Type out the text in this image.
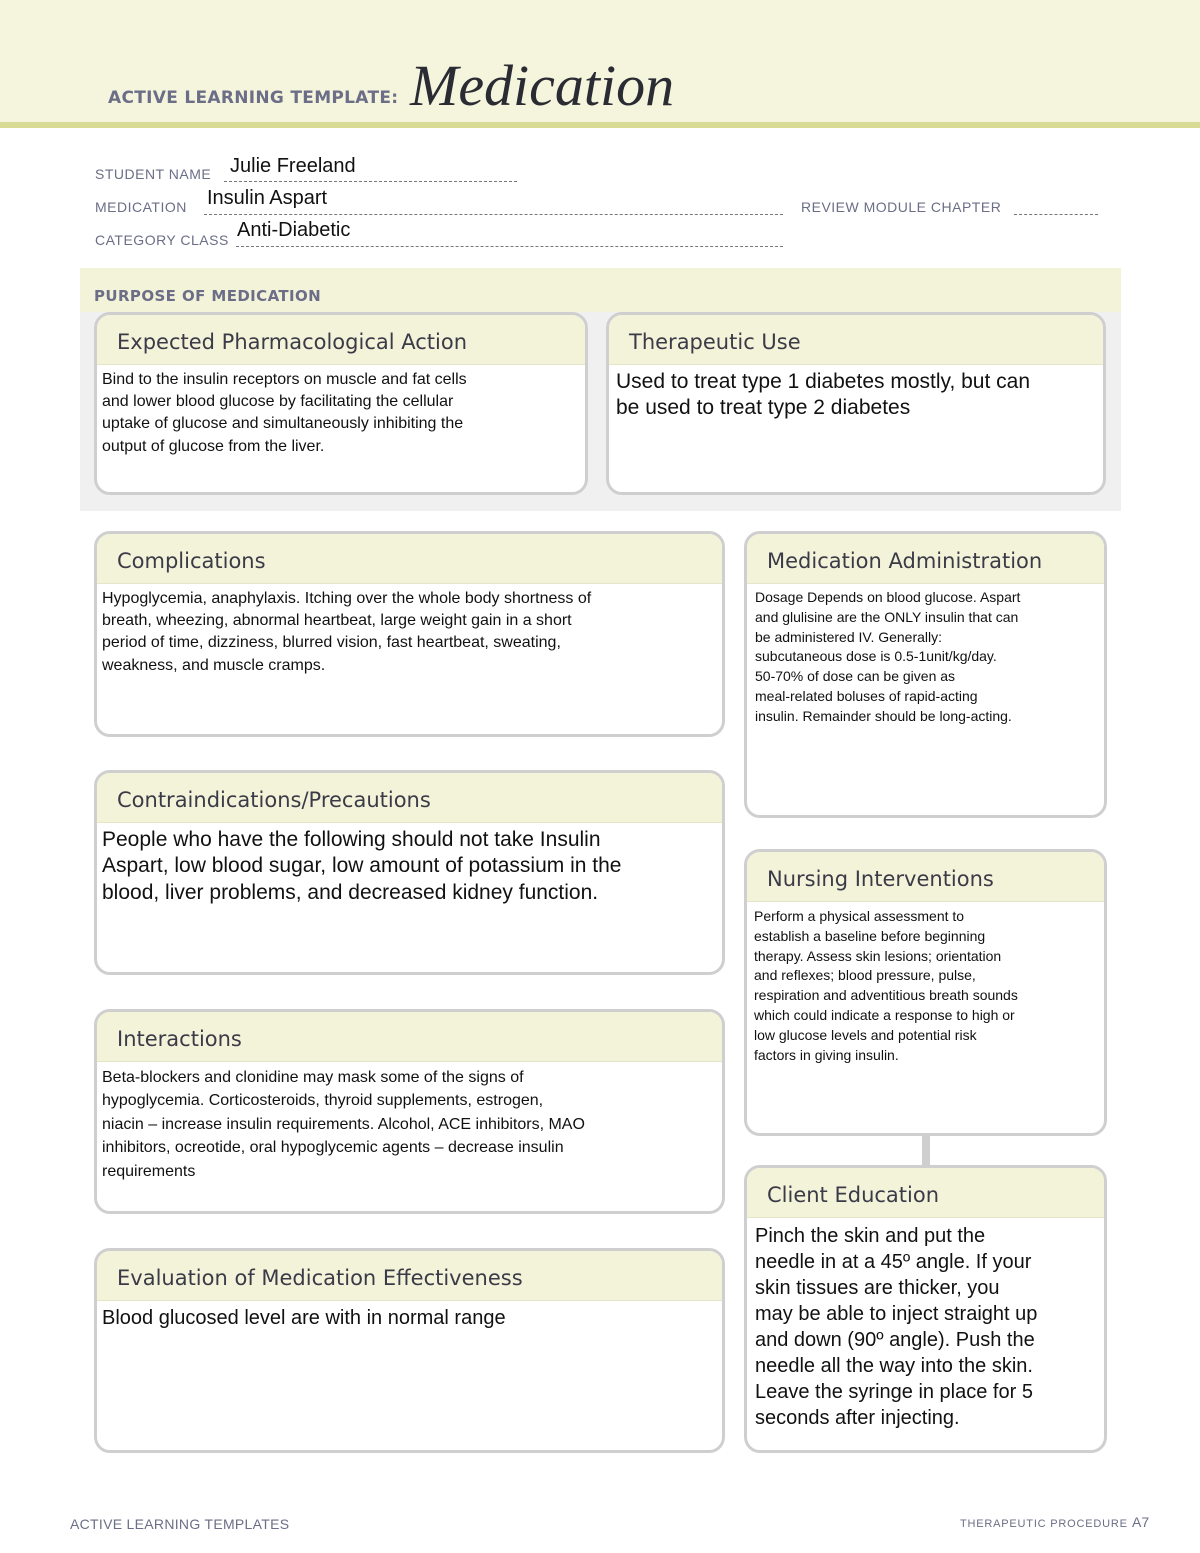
ACTIVE LEARNING TEMPLATE: Medication
STUDENT NAME Julie Freeland
MEDICATION Insulin Aspart	REVIEW MODULE CHAPTER
CATEGORY CLASS Anti-Diabetic
PURPOSE OF MEDICATION
Expected Pharmacological Action
Bind to the insulin receptors on muscle and fat cells
and lower blood glucose by facilitating the cellular
uptake of glucose and simultaneously inhibiting the
output of glucose from the liver.
Therapeutic Use
Used to treat type 1 diabetes mostly, but can
be used to treat type 2 diabetes
Complications
Hypoglycemia, anaphylaxis. Itching over the whole body shortness of
breath, wheezing, abnormal heartbeat, large weight gain in a short
period of time, dizziness, blurred vision, fast heartbeat, sweating,
weakness, and muscle cramps.
Contraindications/Precautions
People who have the following should not take Insulin
Aspart, low blood sugar, low amount of potassium in the
blood, liver problems, and decreased kidney function.
Interactions
Beta-blockers and clonidine may mask some of the signs of
hypoglycemia. Corticosteroids, thyroid supplements, estrogen,
niacin – increase insulin requirements. Alcohol, ACE inhibitors, MAO
inhibitors, ocreotide, oral hypoglycemic agents – decrease insulin
requirements
Evaluation of Medication Effectiveness
Blood glucosed level are with in normal range
Medication Administration
Dosage Depends on blood glucose. Aspart
and glulisine are the ONLY insulin that can
be administered IV. Generally:
subcutaneous dose is 0.5-1unit/kg/day.
50-70% of dose can be given as
meal-related boluses of rapid-acting
insulin. Remainder should be long-acting.
Nursing Interventions
Perform a physical assessment to
establish a baseline before beginning
therapy. Assess skin lesions; orientation
and reflexes; blood pressure, pulse,
respiration and adventitious breath sounds
which could indicate a response to high or
low glucose levels and potential risk
factors in giving insulin.
Client Education
Pinch the skin and put the
needle in at a 45º angle. If your
skin tissues are thicker, you
may be able to inject straight up
and down (90º angle). Push the
needle all the way into the skin.
Leave the syringe in place for 5
seconds after injecting.
ACTIVE LEARNING TEMPLATES	THERAPEUTIC PROCEDURE A7
